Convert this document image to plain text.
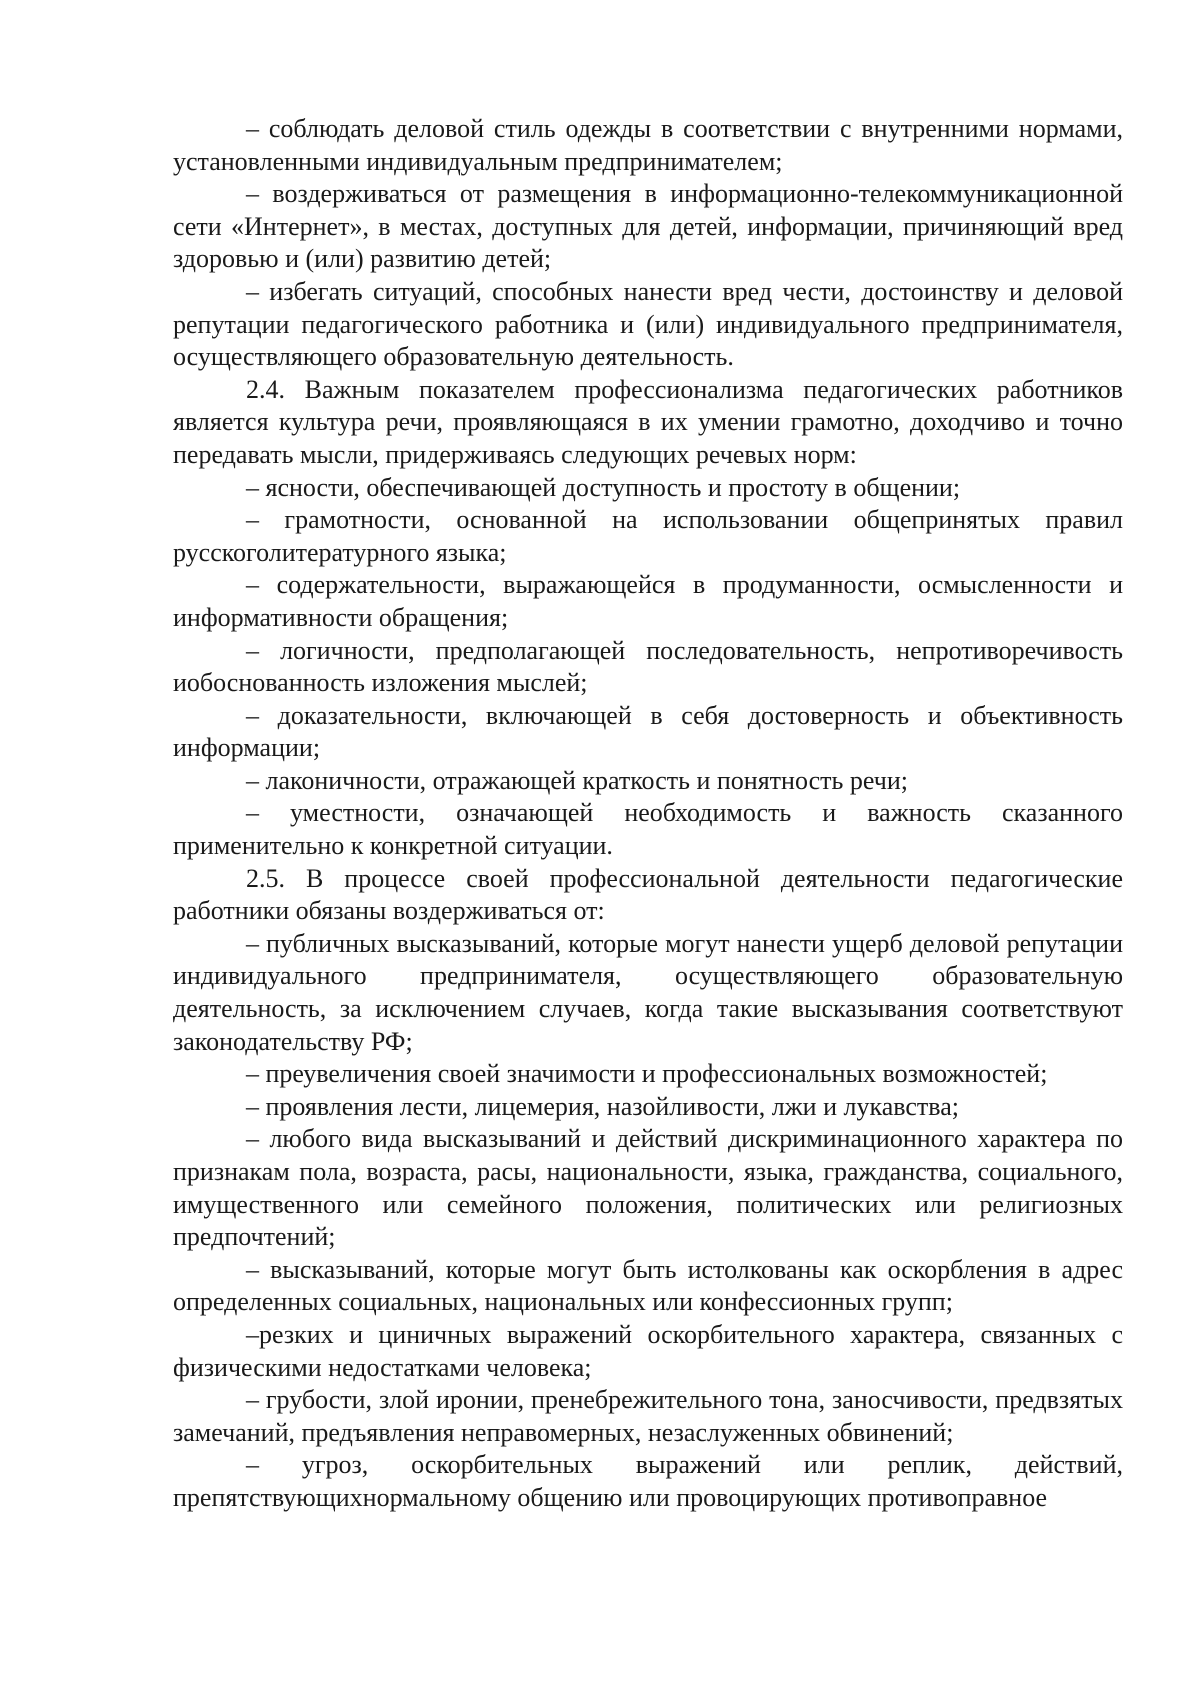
– соблюдать деловой стиль одежды в соответствии с внутренними нормами, установленными индивидуальным предпринимателем;

– воздерживаться от размещения в информационно-телекоммуникационной сети «Интернет», в местах, доступных для детей, информации, причиняющий вред здоровью и (или) развитию детей;

– избегать ситуаций, способных нанести вред чести, достоинству и деловой репутации педагогического работника и (или) индивидуального предпринимателя, осуществляющего образовательную деятельность.

2.4. Важным показателем профессионализма педагогических работников является культура речи, проявляющаяся в их умении грамотно, доходчиво и точно передавать мысли, придерживаясь следующих речевых норм:

– ясности, обеспечивающей доступность и простоту в общении;

– грамотности, основанной на использовании общепринятых правил русскоголитературного языка;

– содержательности, выражающейся в продуманности, осмысленности и информативности обращения;

– логичности, предполагающей последовательность, непротиворечивость иобоснованность изложения мыслей;

– доказательности, включающей в себя достоверность и объективность информации;

– лаконичности, отражающей краткость и понятность речи;

– уместности, означающей необходимость и важность сказанного применительно к конкретной ситуации.

2.5. В процессе своей профессиональной деятельности педагогические работники обязаны воздерживаться от:

– публичных высказываний, которые могут нанести ущерб деловой репутации индивидуального предпринимателя, осуществляющего образовательную деятельность, за исключением случаев, когда такие высказывания соответствуют законодательству РФ;

– преувеличения своей значимости и профессиональных возможностей;

– проявления лести, лицемерия, назойливости, лжи и лукавства;

– любого вида высказываний и действий дискриминационного характера по признакам пола, возраста, расы, национальности, языка, гражданства, социального, имущественного или семейного положения, политических или религиозных предпочтений;

– высказываний, которые могут быть истолкованы как оскорбления в адрес определенных социальных, национальных или конфессионных групп;

–резких и циничных выражений оскорбительного характера, связанных с физическими недостатками человека;

– грубости, злой иронии, пренебрежительного тона, заносчивости, предвзятых замечаний, предъявления неправомерных, незаслуженных обвинений;

– угроз, оскорбительных выражений или реплик, действий, препятствующихнормальному общению или провоцирующих противоправное
